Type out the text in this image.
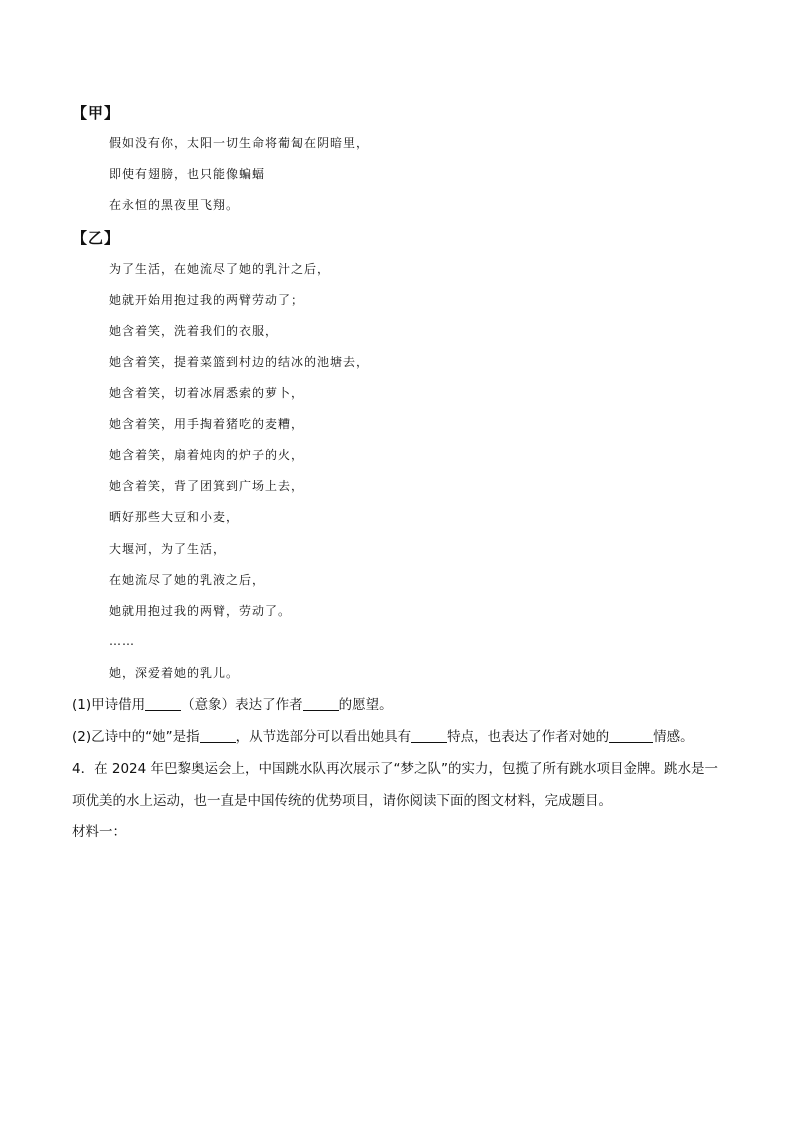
【甲】
假如没有你，太阳一切生命将葡匐在阴暗里，
即使有翅膀，也只能像蝙蝠
在永恒的黑夜里飞翔。
【乙】
为了生活，在她流尽了她的乳汁之后，
她就开始用抱过我的两臂劳动了；
她含着笑，洗着我们的衣服，
她含着笑，提着菜篮到村边的结冰的池塘去，
她含着笑，切着冰屑悉索的萝卜，
她含着笑，用手掏着猪吃的麦糟，
她含着笑，扇着炖肉的炉子的火，
她含着笑，背了团箕到广场上去，
晒好那些大豆和小麦，
大堰河，为了生活，
在她流尽了她的乳液之后，
她就用抱过我的两臂，劳动了。
……
她，深爱着她的乳儿。
(1)甲诗借用	（意象）表达了作者	的愿望。
(2)乙诗中的“她”是指	，从节选部分可以看出她具有	特点，也表达了作者对她的	情感。
4．在 2024 年巴黎奥运会上，中国跳水队再次展示了“梦之队”的实力，包揽了所有跳水项目金牌。跳水是一
项优美的水上运动，也一直是中国传统的优势项目，请你阅读下面的图文材料，完成题目。
材料一：
